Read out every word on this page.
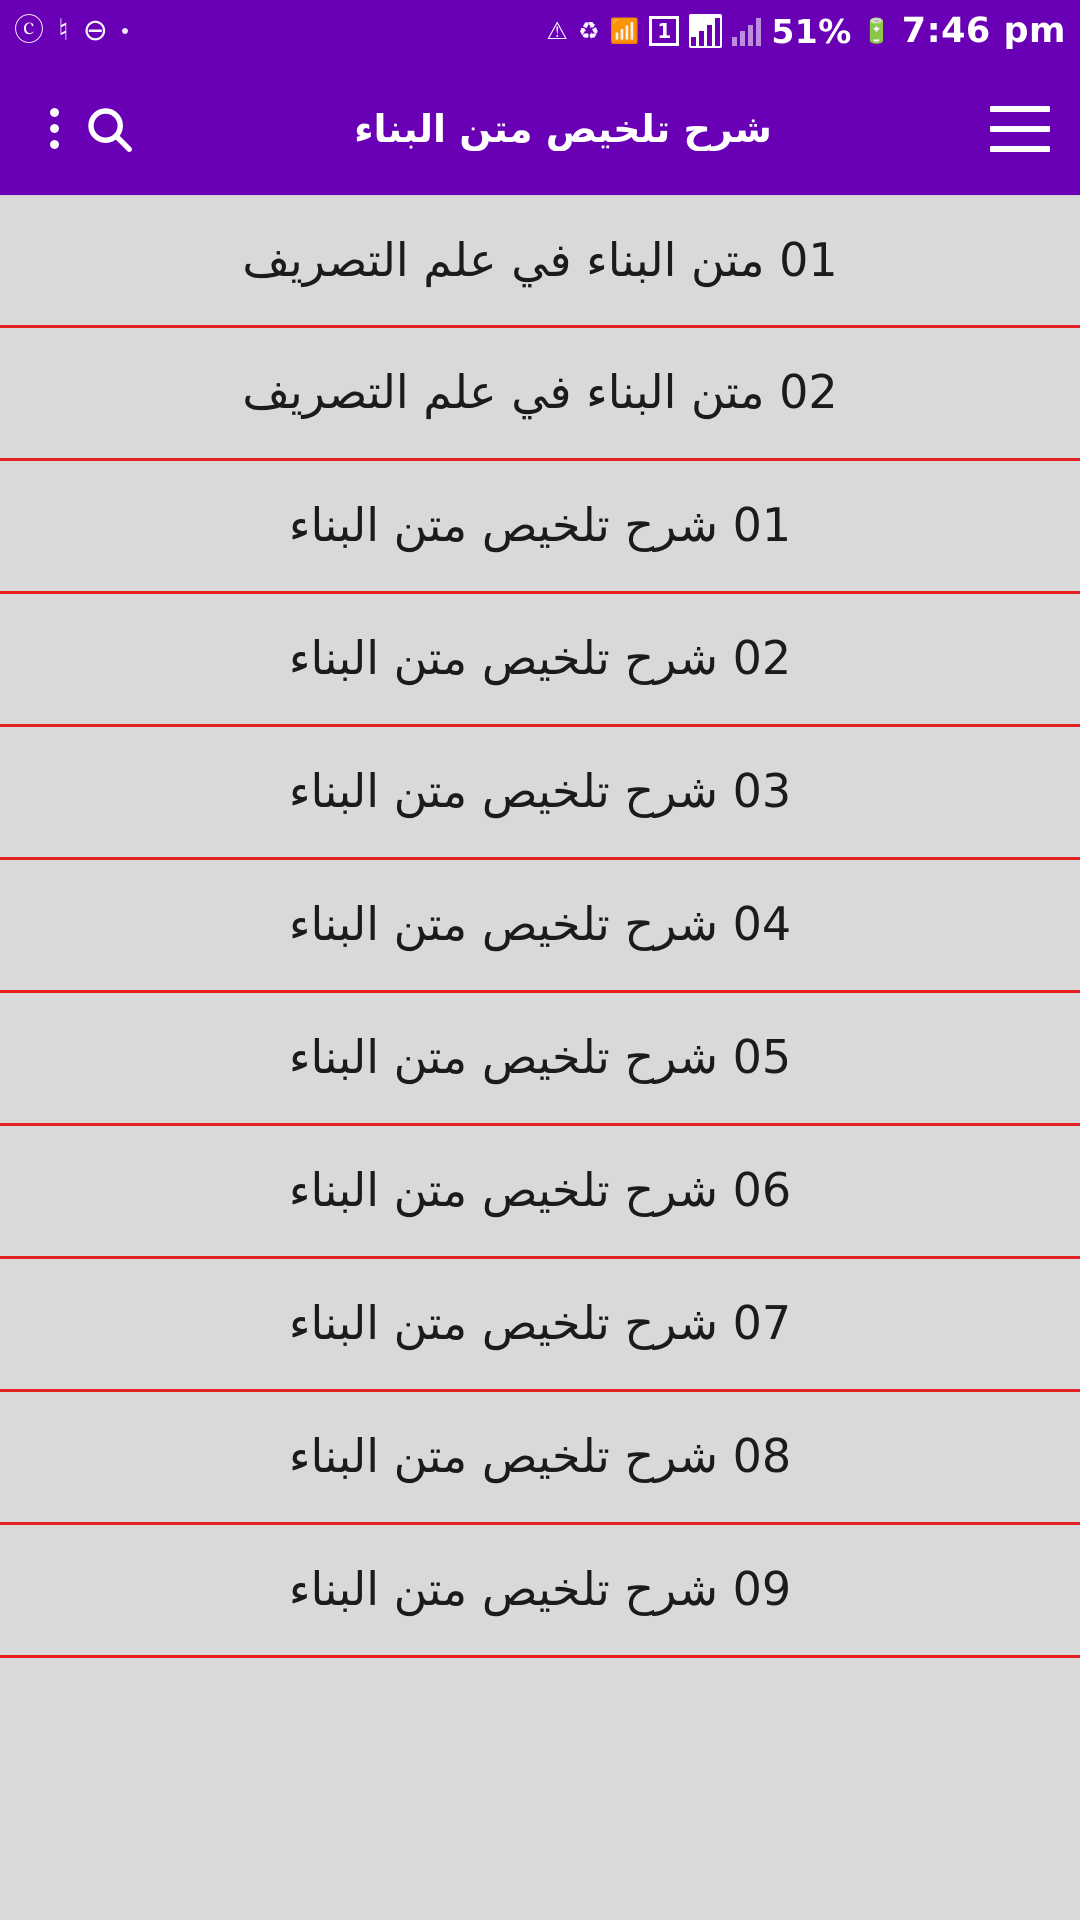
ⓒ ♮ ⊖	⚠ ♻ 📶 1	51% 🔋 7:46 pm
شرح تلخيص متن البناء
01 متن البناء في علم التصريف
02 متن البناء في علم التصريف
01 شرح تلخيص متن البناء
02 شرح تلخيص متن البناء
03 شرح تلخيص متن البناء
04 شرح تلخيص متن البناء
05 شرح تلخيص متن البناء
06 شرح تلخيص متن البناء
07 شرح تلخيص متن البناء
08 شرح تلخيص متن البناء
09 شرح تلخيص متن البناء
